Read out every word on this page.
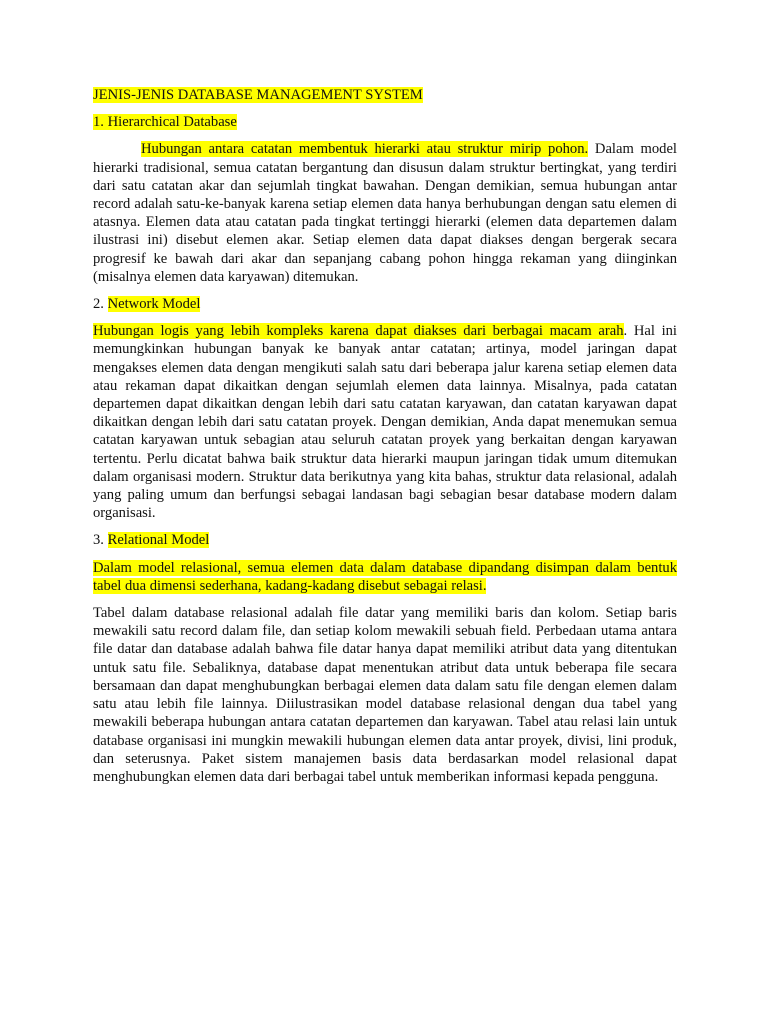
JENIS-JENIS DATABASE MANAGEMENT SYSTEM

1. Hierarchical Database

Hubungan antara catatan membentuk hierarki atau struktur mirip pohon. Dalam model hierarki tradisional, semua catatan bergantung dan disusun dalam struktur bertingkat, yang terdiri dari satu catatan akar dan sejumlah tingkat bawahan. Dengan demikian, semua hubungan antar record adalah satu-ke-banyak karena setiap elemen data hanya berhubungan dengan satu elemen di atasnya. Elemen data atau catatan pada tingkat tertinggi hierarki (elemen data departemen dalam ilustrasi ini) disebut elemen akar. Setiap elemen data dapat diakses dengan bergerak secara progresif ke bawah dari akar dan sepanjang cabang pohon hingga rekaman yang diinginkan (misalnya elemen data karyawan) ditemukan.

2. Network Model

Hubungan logis yang lebih kompleks karena dapat diakses dari berbagai macam arah. Hal ini memungkinkan hubungan banyak ke banyak antar catatan; artinya, model jaringan dapat mengakses elemen data dengan mengikuti salah satu dari beberapa jalur karena setiap elemen data atau rekaman dapat dikaitkan dengan sejumlah elemen data lainnya. Misalnya, pada catatan departemen dapat dikaitkan dengan lebih dari satu catatan karyawan, dan catatan karyawan dapat dikaitkan dengan lebih dari satu catatan proyek. Dengan demikian, Anda dapat menemukan semua catatan karyawan untuk sebagian atau seluruh catatan proyek yang berkaitan dengan karyawan tertentu. Perlu dicatat bahwa baik struktur data hierarki maupun jaringan tidak umum ditemukan dalam organisasi modern. Struktur data berikutnya yang kita bahas, struktur data relasional, adalah yang paling umum dan berfungsi sebagai landasan bagi sebagian besar database modern dalam organisasi.

3. Relational Model

Dalam model relasional, semua elemen data dalam database dipandang disimpan dalam bentuk tabel dua dimensi sederhana, kadang-kadang disebut sebagai relasi.

Tabel dalam database relasional adalah file datar yang memiliki baris dan kolom. Setiap baris mewakili satu record dalam file, dan setiap kolom mewakili sebuah field. Perbedaan utama antara file datar dan database adalah bahwa file datar hanya dapat memiliki atribut data yang ditentukan untuk satu file. Sebaliknya, database dapat menentukan atribut data untuk beberapa file secara bersamaan dan dapat menghubungkan berbagai elemen data dalam satu file dengan elemen dalam satu atau lebih file lainnya. Diilustrasikan model database relasional dengan dua tabel yang mewakili beberapa hubungan antara catatan departemen dan karyawan. Tabel atau relasi lain untuk database organisasi ini mungkin mewakili hubungan elemen data antar proyek, divisi, lini produk, dan seterusnya. Paket sistem manajemen basis data berdasarkan model relasional dapat menghubungkan elemen data dari berbagai tabel untuk memberikan informasi kepada pengguna.
